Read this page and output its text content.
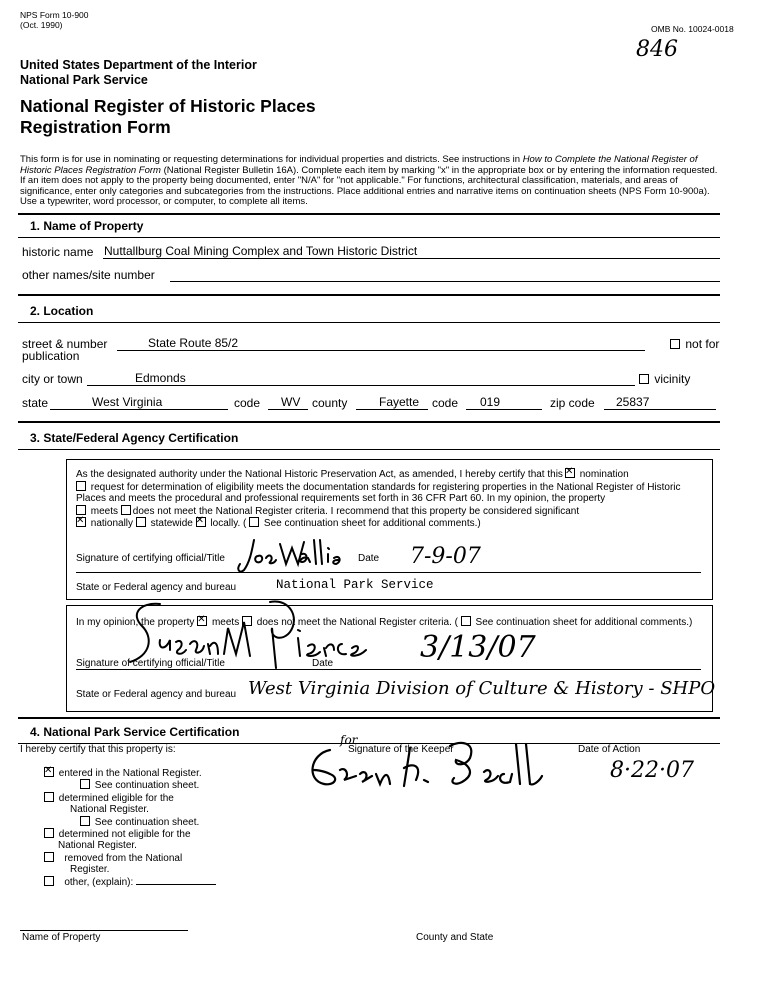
NPS Form 10-900
(Oct. 1990)	OMB No. 10024-0018
846
United States Department of the Interior
National Park Service
National Register of Historic Places
Registration Form
This form is for use in nominating or requesting determinations for individual properties and districts. See instructions in How to Complete the National Register of Historic Places Registration Form (National Register Bulletin 16A). Complete each item by marking "x" in the appropriate box or by entering the information requested. If an item does not apply to the property being documented, enter "N/A" for "not applicable." For functions, architectural classification, materials, and areas of significance, enter only categories and subcategories from the instructions. Place additional entries and narrative items on continuation sheets (NPS Form 10-900a). Use a typewriter, word processor, or computer, to complete all items.
1. Name of Property
historic name Nuttallburg Coal Mining Complex and Town Historic District
other names/site number
2. Location
street & number	State Route 85/2	not for
publication
city or town	Edmonds	vicinity
state	West Virginia	code	WV county	Fayette	code	019	zip code	25837
3. State/Federal Agency Certification
As the designated authority under the National Historic Preservation Act, as amended, I hereby certify that this ✕ nomination
request for determination of eligibility meets the documentation standards for registering properties in the National Register of Historic Places and meets the procedural and professional requirements set forth in 36 CFR Part 60. In my opinion, the property
meets does not meet the National Register criteria. I recommend that this property be considered significant
✕ nationally statewide ✕ locally. ( See continuation sheet for additional comments.)
Signature of certifying official/Title	Date 7-9-07
State or Federal agency and bureau	National Park Service
In my opinion, the property ✕ meets does not meet the National Register criteria. ( See continuation sheet for additional comments.)
Signature of certifying official/Title	Date	3/13/07
State or Federal agency and bureau West Virginia Division of Culture & History - SHPO
4. National Park Service Certification
I hereby certify that this property is:	Signature of the Keeper	Date of Action
for
8·22·07
✕ entered in the National Register.
See continuation sheet.
determined eligible for the
National Register.
See continuation sheet.
determined not eligible for the
National Register.
removed from the National
Register.
other, (explain):
Name of Property	County and State
